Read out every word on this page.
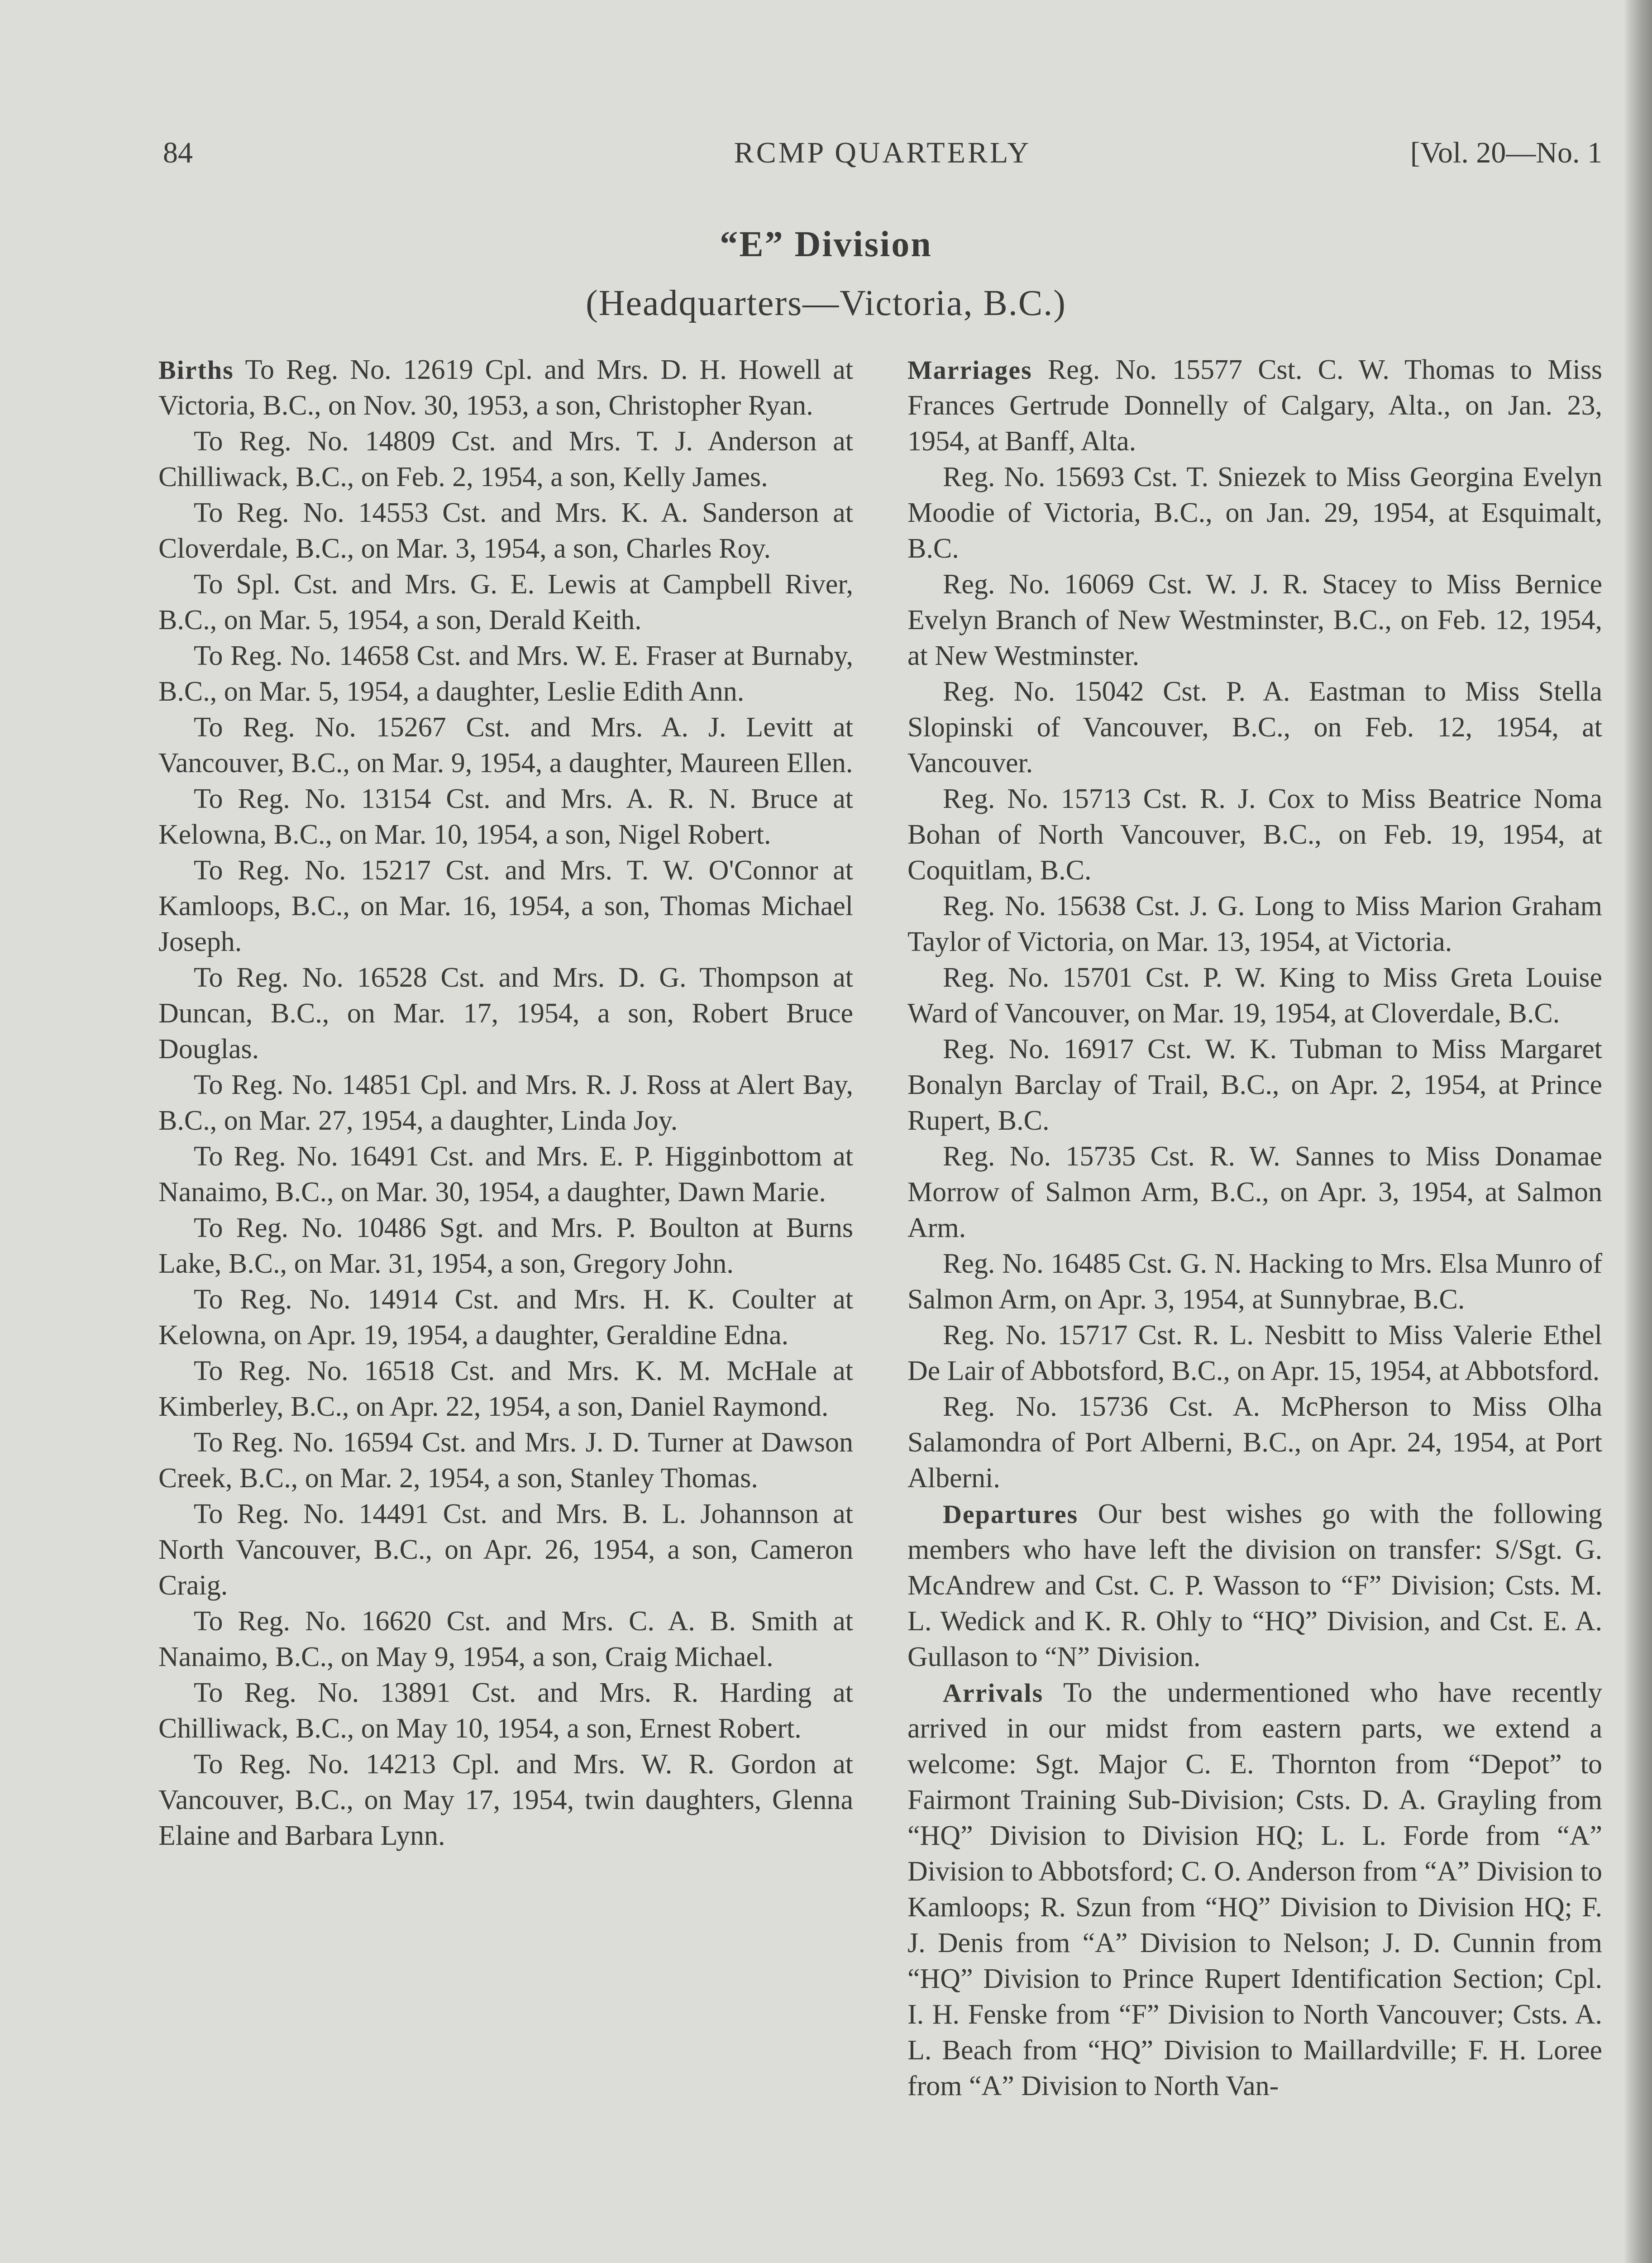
84	RCMP QUARTERLY	[Vol. 20—No. 1
“E” Division
(Headquarters—Victoria, B.C.)

Births To Reg. No. 12619 Cpl. and Mrs. D. H. Howell at Victoria, B.C., on Nov. 30, 1953, a son, Christopher Ryan.

To Reg. No. 14809 Cst. and Mrs. T. J. Anderson at Chilliwack, B.C., on Feb. 2, 1954, a son, Kelly James.

To Reg. No. 14553 Cst. and Mrs. K. A. Sanderson at Cloverdale, B.C., on Mar. 3, 1954, a son, Charles Roy.

To Spl. Cst. and Mrs. G. E. Lewis at Campbell River, B.C., on Mar. 5, 1954, a son, Derald Keith.

To Reg. No. 14658 Cst. and Mrs. W. E. Fraser at Burnaby, B.C., on Mar. 5, 1954, a daughter, Leslie Edith Ann.

To Reg. No. 15267 Cst. and Mrs. A. J. Levitt at Vancouver, B.C., on Mar. 9, 1954, a daughter, Maureen Ellen.

To Reg. No. 13154 Cst. and Mrs. A. R. N. Bruce at Kelowna, B.C., on Mar. 10, 1954, a son, Nigel Robert.

To Reg. No. 15217 Cst. and Mrs. T. W. O'Connor at Kamloops, B.C., on Mar. 16, 1954, a son, Thomas Michael Joseph.

To Reg. No. 16528 Cst. and Mrs. D. G. Thompson at Duncan, B.C., on Mar. 17, 1954, a son, Robert Bruce Douglas.

To Reg. No. 14851 Cpl. and Mrs. R. J. Ross at Alert Bay, B.C., on Mar. 27, 1954, a daughter, Linda Joy.

To Reg. No. 16491 Cst. and Mrs. E. P. Higginbottom at Nanaimo, B.C., on Mar. 30, 1954, a daughter, Dawn Marie.

To Reg. No. 10486 Sgt. and Mrs. P. Boulton at Burns Lake, B.C., on Mar. 31, 1954, a son, Gregory John.

To Reg. No. 14914 Cst. and Mrs. H. K. Coulter at Kelowna, on Apr. 19, 1954, a daughter, Geraldine Edna.

To Reg. No. 16518 Cst. and Mrs. K. M. McHale at Kimberley, B.C., on Apr. 22, 1954, a son, Daniel Raymond.

To Reg. No. 16594 Cst. and Mrs. J. D. Turner at Dawson Creek, B.C., on Mar. 2, 1954, a son, Stanley Thomas.

To Reg. No. 14491 Cst. and Mrs. B. L. Johannson at North Vancouver, B.C., on Apr. 26, 1954, a son, Cameron Craig.

To Reg. No. 16620 Cst. and Mrs. C. A. B. Smith at Nanaimo, B.C., on May 9, 1954, a son, Craig Michael.

To Reg. No. 13891 Cst. and Mrs. R. Harding at Chilliwack, B.C., on May 10, 1954, a son, Ernest Robert.

To Reg. No. 14213 Cpl. and Mrs. W. R. Gordon at Vancouver, B.C., on May 17, 1954, twin daughters, Glenna Elaine and Barbara Lynn.

Marriages Reg. No. 15577 Cst. C. W. Thomas to Miss Frances Gertrude Donnelly of Calgary, Alta., on Jan. 23, 1954, at Banff, Alta.

Reg. No. 15693 Cst. T. Sniezek to Miss Georgina Evelyn Moodie of Victoria, B.C., on Jan. 29, 1954, at Esquimalt, B.C.

Reg. No. 16069 Cst. W. J. R. Stacey to Miss Bernice Evelyn Branch of New Westminster, B.C., on Feb. 12, 1954, at New Westminster.

Reg. No. 15042 Cst. P. A. Eastman to Miss Stella Slopinski of Vancouver, B.C., on Feb. 12, 1954, at Vancouver.

Reg. No. 15713 Cst. R. J. Cox to Miss Beatrice Noma Bohan of North Vancouver, B.C., on Feb. 19, 1954, at Coquitlam, B.C.

Reg. No. 15638 Cst. J. G. Long to Miss Marion Graham Taylor of Victoria, on Mar. 13, 1954, at Victoria.

Reg. No. 15701 Cst. P. W. King to Miss Greta Louise Ward of Vancouver, on Mar. 19, 1954, at Cloverdale, B.C.

Reg. No. 16917 Cst. W. K. Tubman to Miss Margaret Bonalyn Barclay of Trail, B.C., on Apr. 2, 1954, at Prince Rupert, B.C.

Reg. No. 15735 Cst. R. W. Sannes to Miss Donamae Morrow of Salmon Arm, B.C., on Apr. 3, 1954, at Salmon Arm.

Reg. No. 16485 Cst. G. N. Hacking to Mrs. Elsa Munro of Salmon Arm, on Apr. 3, 1954, at Sunnybrae, B.C.

Reg. No. 15717 Cst. R. L. Nesbitt to Miss Valerie Ethel De Lair of Abbotsford, B.C., on Apr. 15, 1954, at Abbotsford.

Reg. No. 15736 Cst. A. McPherson to Miss Olha Salamondra of Port Alberni, B.C., on Apr. 24, 1954, at Port Alberni.

Departures Our best wishes go with the following members who have left the division on transfer: S/Sgt. G. McAndrew and Cst. C. P. Wasson to “F” Division; Csts. M. L. Wedick and K. R. Ohly to “HQ” Division, and Cst. E. A. Gullason to “N” Division.

Arrivals To the undermentioned who have recently arrived in our midst from eastern parts, we extend a welcome: Sgt. Major C. E. Thornton from “Depot” to Fairmont Training Sub-Division; Csts. D. A. Grayling from “HQ” Division to Division HQ; L. L. Forde from “A” Division to Abbotsford; C. O. Anderson from “A” Division to Kamloops; R. Szun from “HQ” Division to Division HQ; F. J. Denis from “A” Division to Nelson; J. D. Cunnin from “HQ” Division to Prince Rupert Identification Section; Cpl. I. H. Fenske from “F” Division to North Vancouver; Csts. A. L. Beach from “HQ” Division to Maillardville; F. H. Loree from “A” Division to North Van-
